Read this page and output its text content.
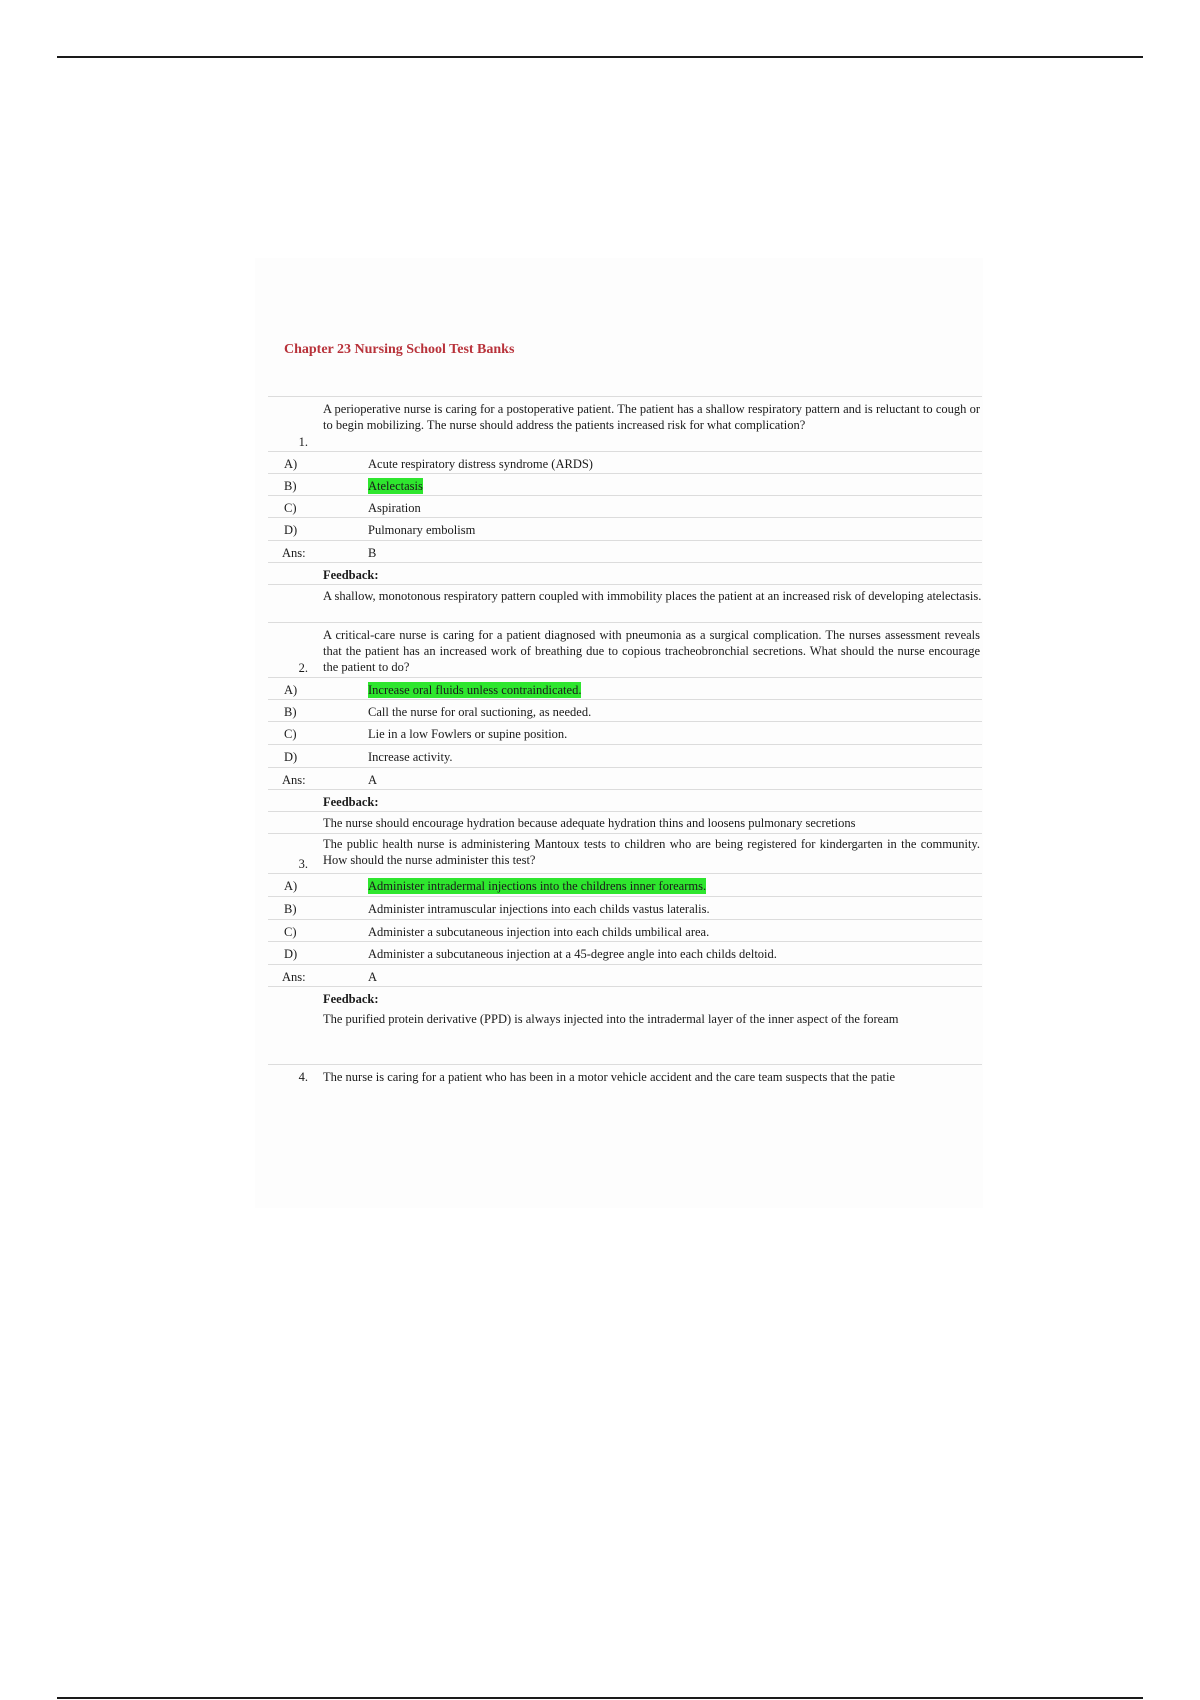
Chapter 23 Nursing School Test Banks
1.
A perioperative nurse is caring for a postoperative patient. The patient has a shallow respiratory pattern and is reluctant to cough or to begin mobilizing. The nurse should address the patients increased risk for what complication?
A)	Acute respiratory distress syndrome (ARDS)
B)	Atelectasis
C)	Aspiration
D)	Pulmonary embolism
Ans:	B
Feedback:
A shallow, monotonous respiratory pattern coupled with immobility places the patient at an increased risk of developing atelectasis.
2.
A critical-care nurse is caring for a patient diagnosed with pneumonia as a surgical complication. The nurses assessment reveals that the patient has an increased work of breathing due to copious tracheobronchial secretions. What should the nurse encourage the patient to do?
A)	Increase oral fluids unless contraindicated.
B)	Call the nurse for oral suctioning, as needed.
C)	Lie in a low Fowlers or supine position.
D)	Increase activity.
Ans:	A
Feedback:
The nurse should encourage hydration because adequate hydration thins and loosens pulmonary secretions
3.
The public health nurse is administering Mantoux tests to children who are being registered for kindergarten in the community. How should the nurse administer this test?
A)	Administer intradermal injections into the childrens inner forearms.
B)	Administer intramuscular injections into each childs vastus lateralis.
C)	Administer a subcutaneous injection into each childs umbilical area.
D)	Administer a subcutaneous injection at a 45-degree angle into each childs deltoid.
Ans:	A
Feedback:
The purified protein derivative (PPD) is always injected into the intradermal layer of the inner aspect of the foream
4. The nurse is caring for a patient who has been in a motor vehicle accident and the care team suspects that the patie
